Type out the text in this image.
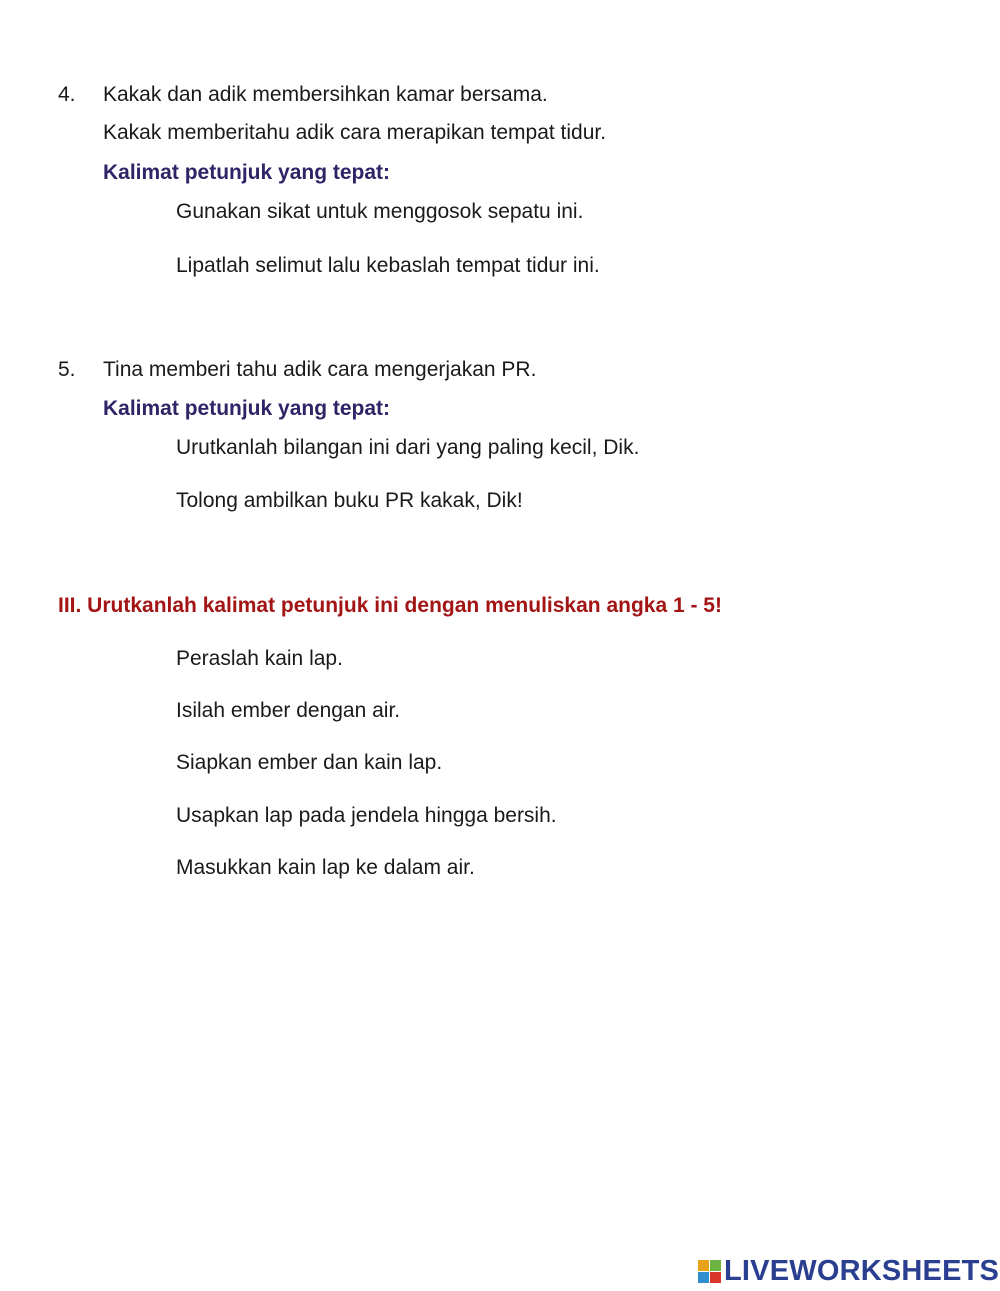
4. Kakak dan adik membersihkan kamar bersama.
Kakak memberitahu adik cara merapikan tempat tidur.
Kalimat petunjuk yang tepat:
Gunakan sikat untuk menggosok sepatu ini.
Lipatlah selimut lalu kebaslah tempat tidur ini.
5. Tina memberi tahu adik cara mengerjakan PR.
Kalimat petunjuk yang tepat:
Urutkanlah bilangan ini dari yang paling kecil, Dik.
Tolong ambilkan buku PR kakak, Dik!
III. Urutkanlah kalimat petunjuk ini dengan menuliskan angka 1 - 5!
Peraslah kain lap.
Isilah ember dengan air.
Siapkan ember dan kain lap.
Usapkan lap pada jendela hingga bersih.
Masukkan kain lap ke dalam air.
LIVEWORKSHEETS
